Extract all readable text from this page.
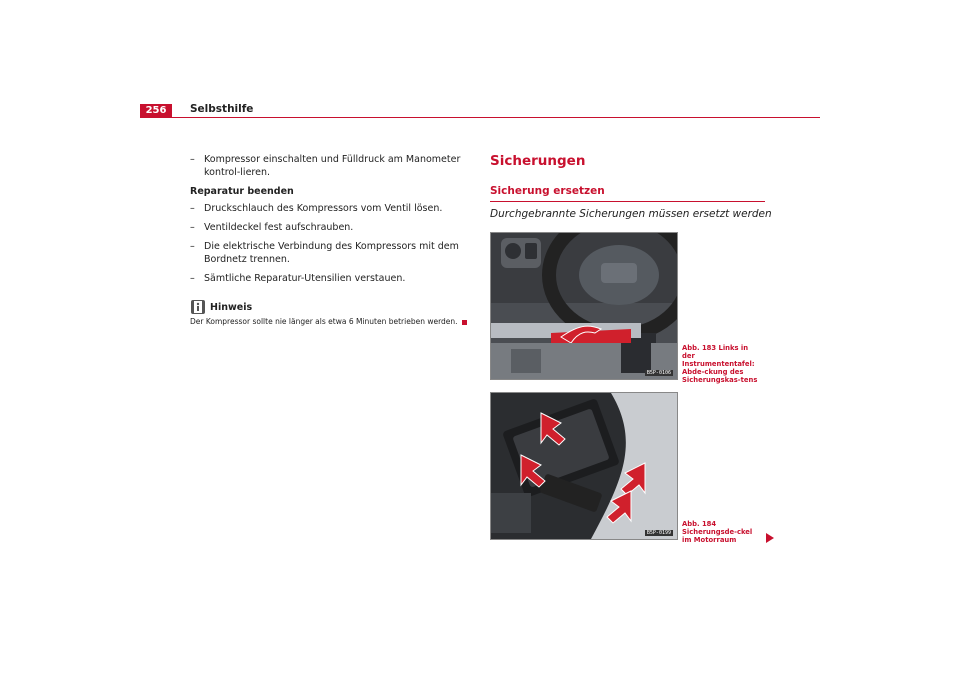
256	Selbsthilfe
– Kompressor einschalten und Fülldruck am Manometer kontrol-lieren.
Reparatur beenden
– Druckschlauch des Kompressors vom Ventil lösen.
– Ventildeckel fest aufschrauben.
– Die elektrische Verbindung des Kompressors mit dem Bordnetz trennen.
– Sämtliche Reparatur-Utensilien verstauen.
Hinweis
Der Kompressor sollte nie länger als etwa 6 Minuten betrieben werden.
Sicherungen
Sicherung ersetzen
Durchgebrannte Sicherungen müssen ersetzt werden
B5P-0106
Abb. 183 Links in der Instrumententafel: Abde-ckung des Sicherungskas-tens
B5P-0199
Abb. 184 Sicherungsde-ckel im Motorraum
